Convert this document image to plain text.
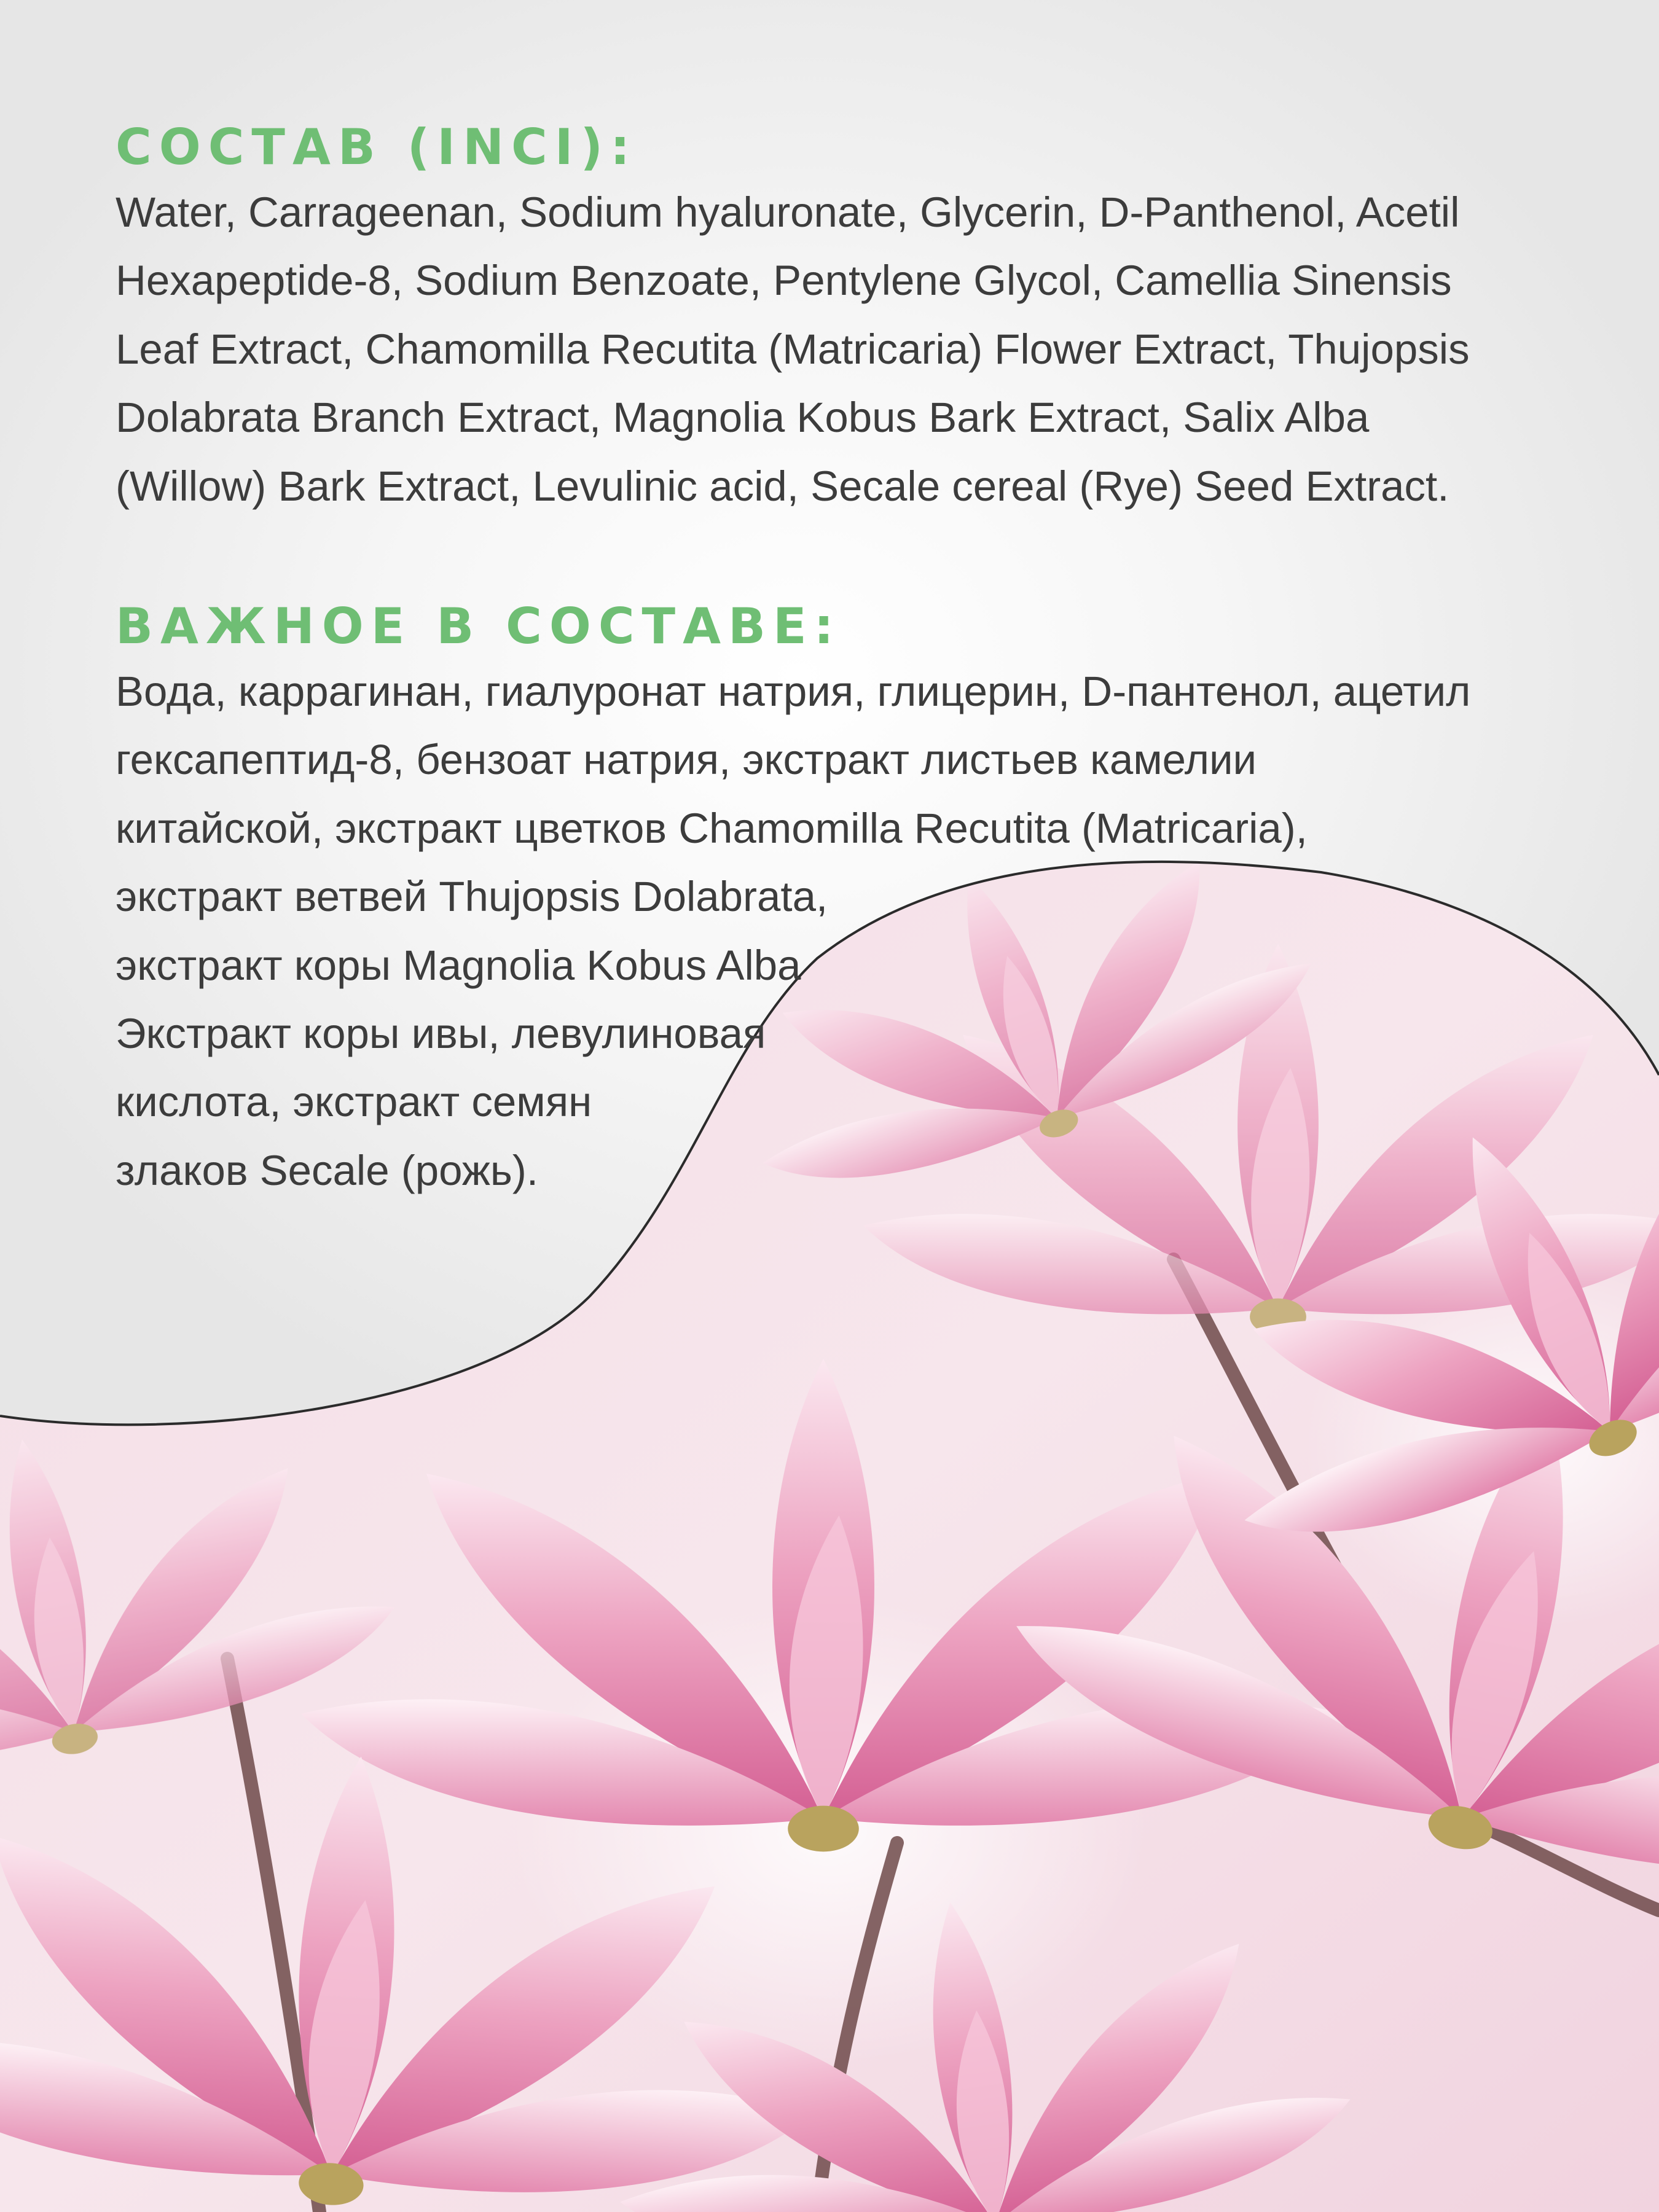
СОСТАВ (INCI):

Water, Carrageenan, Sodium hyaluronate, Glycerin, D-Panthenol, Acetil

Hexapeptide-8, Sodium Benzoate, Pentylene Glycol, Camellia Sinensis

Leaf Extract, Chamomilla Recutita (Matricaria) Flower Extract, Thujopsis

Dolabrata Branch Extract, Magnolia Kobus Bark Extract, Salix Alba

(Willow) Bark Extract, Levulinic acid, Secale cereal (Rye) Seed Extract.

ВАЖНОЕ В СОСТАВЕ:

Вода, каррагинан, гиалуронат натрия, глицерин, D-пантенол, ацетил

гексапептид-8, бензоат натрия, экстракт листьев камелии

китайской, экстракт цветков Chamomilla Recutita (Matricaria),

экстракт ветвей Thujopsis Dolabrata,

экстракт коры Magnolia Kobus Alba

Экстракт коры ивы, левулиновая

кислота, экстракт семян

злаков Secale (рожь).
